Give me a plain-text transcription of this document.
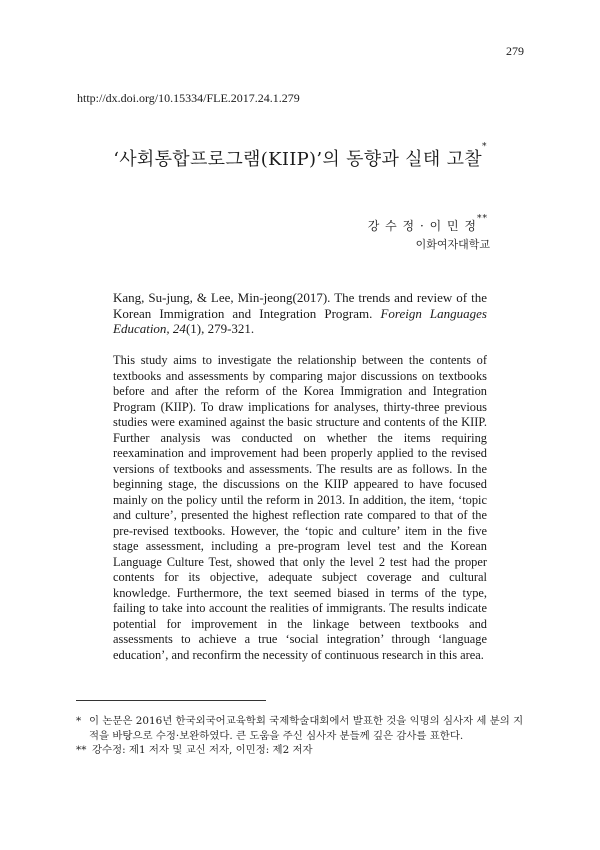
279
http://dx.doi.org/10.15334/FLE.2017.24.1.279
‘사회통합프로그램(KIIP)’의 동향과 실태 고찰*
강 수 정 · 이 민 정**
이화여자대학교
Kang, Su-jung, & Lee, Min-jeong(2017). The trends and review of the Korean Immigration and Integration Program. Foreign Languages Education, 24(1), 279-321.
This study aims to investigate the relationship between the contents of textbooks and assessments by comparing major discussions on textbooks before and after the reform of the Korea Immigration and Integration Program (KIIP). To draw implications for analyses, thirty-three previous studies were examined against the basic structure and contents of the KIIP. Further analysis was conducted on whether the items requiring reexamination and improvement had been properly applied to the revised versions of textbooks and assessments. The results are as follows. In the beginning stage, the discussions on the KIIP appeared to have focused mainly on the policy until the reform in 2013. In addition, the item, ‘topic and culture’, presented the highest reflection rate compared to that of the pre-revised textbooks. However, the ‘topic and culture’ item in the five stage assessment, including a pre-program level test and the Korean Language Culture Test, showed that only the level 2 test had the proper contents for its objective, adequate subject coverage and cultural knowledge. Furthermore, the text seemed biased in terms of the type, failing to take into account the realities of immigrants. The results indicate potential for improvement in the linkage between textbooks and assessments to achieve a true ‘social integration’ through ‘language education’, and reconfirm the necessity of continuous research in this area.
* 이 논문은 2016년 한국외국어교육학회 국제학술대회에서 발표한 것을 익명의 심사자 세 분의 지적을 바탕으로 수정·보완하였다. 큰 도움을 주신 심사자 분들께 깊은 감사를 표한다.
** 강수정: 제1 저자 및 교신 저자, 이민정: 제2 저자
